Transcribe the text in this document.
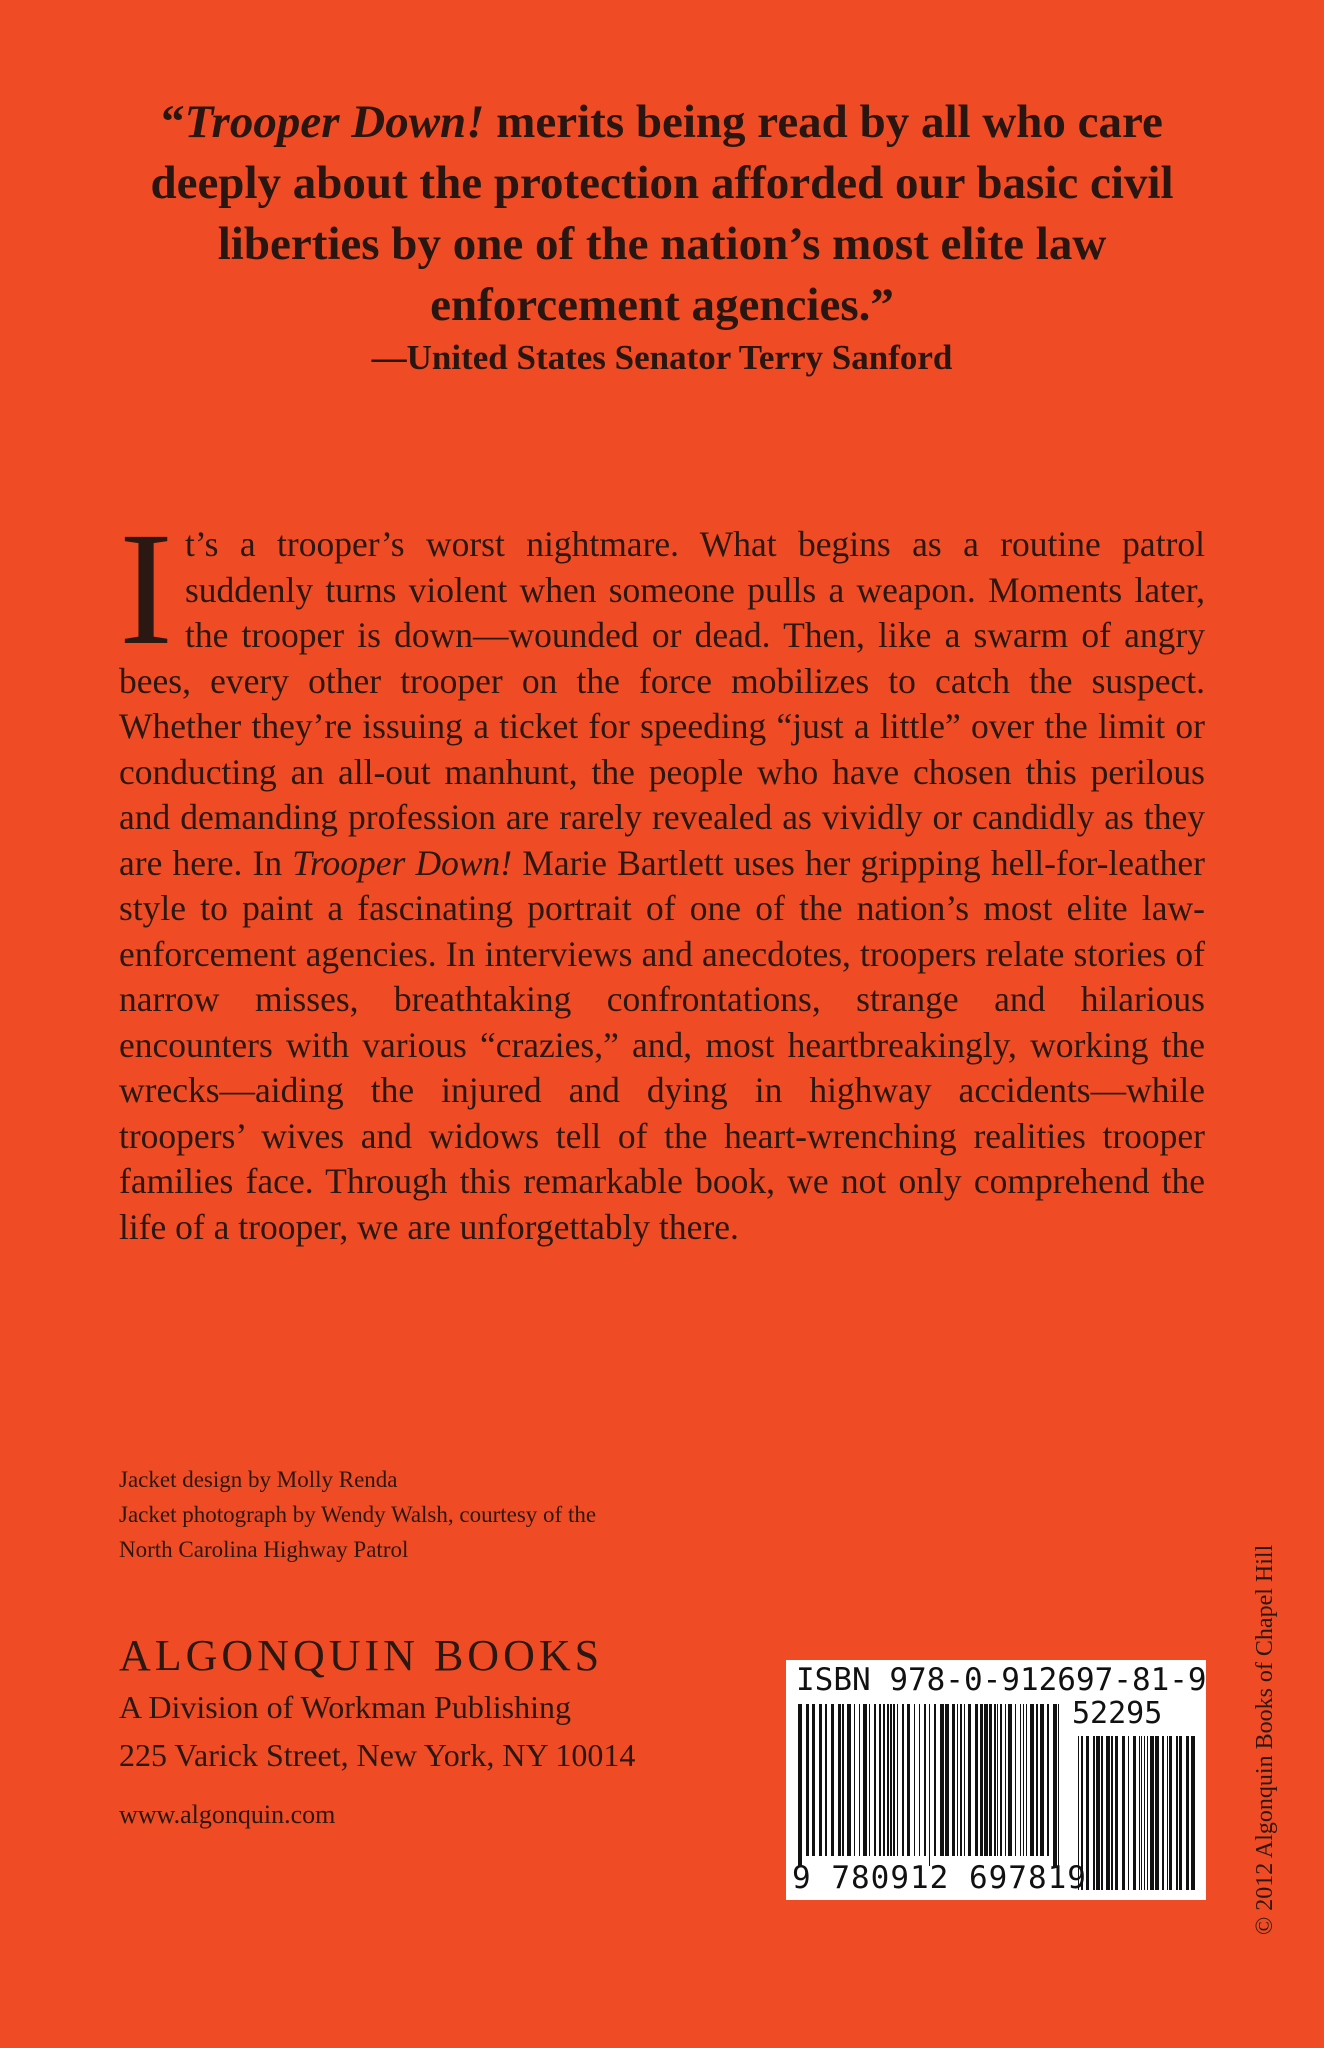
“Trooper Down! merits being read by all who care deeply about the protection afforded our basic civil liberties by one of the nation’s most elite law enforcement agencies.”
—United States Senator Terry Sanford

It’s a trooper’s worst nightmare. What begins as a routine patrol suddenly turns violent when someone pulls a weapon. Moments later, the trooper is down—wounded or dead. Then, like a swarm of angry bees, every other trooper on the force mobilizes to catch the suspect. Whether they’re issuing a ticket for speeding “just a little” over the limit or conducting an all-out manhunt, the people who have chosen this perilous and demanding profession are rarely revealed as vividly or candidly as they are here. In Trooper Down! Marie Bartlett uses her gripping hell-for-leather style to paint a fascinating portrait of one of the nation’s most elite law-enforcement agencies. In interviews and anecdotes, troopers relate stories of narrow misses, breathtaking confrontations, strange and hilarious encounters with various “crazies,” and, most heartbreakingly, working the wrecks—aiding the injured and dying in highway accidents—while troopers’ wives and widows tell of the heart-wrenching realities trooper families face. Through this remarkable book, we not only comprehend the life of a trooper, we are unforgettably there.

Jacket design by Molly Renda
Jacket photograph by Wendy Walsh, courtesy of the
North Carolina Highway Patrol
ALGONQUIN BOOKS
A Division of Workman Publishing
225 Varick Street, New York, NY 10014
www.algonquin.com
ISBN 978-0-912697-81-9
52295
9 780912 697819	© 2012 Algonquin Books of Chapel Hill
